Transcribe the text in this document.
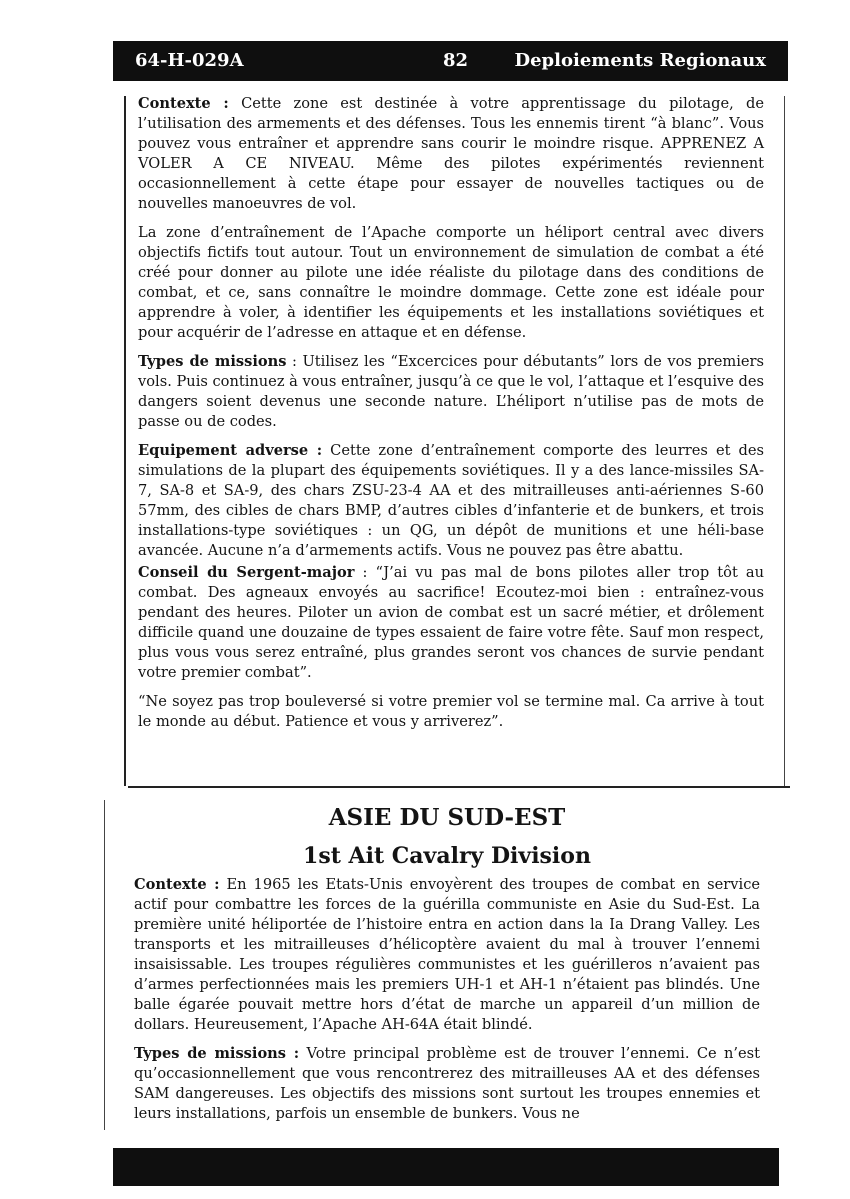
64-H-029A	82	Deploiements Regionaux

Contexte : Cette zone est destinée à votre apprentissage du pilotage, de l’utilisation des armements et des défenses. Tous les ennemis tirent “à blanc”. Vous pouvez vous entraîner et apprendre sans courir le moindre risque. APPRENEZ A VOLER A CE NIVEAU. Même des pilotes expérimentés reviennent occasionnellement à cette étape pour essayer de nouvelles tactiques ou de nouvelles manoeuvres de vol.

La zone d’entraînement de l’Apache comporte un héliport central avec divers objectifs fictifs tout autour. Tout un environnement de simulation de combat a été créé pour donner au pilote une idée réaliste du pilotage dans des conditions de combat, et ce, sans connaître le moindre dommage. Cette zone est idéale pour apprendre à voler, à identifier les équipements et les installations soviétiques et pour acquérir de l’adresse en attaque et en défense.

Types de missions : Utilisez les “Excercices pour débutants” lors de vos premiers vols. Puis continuez à vous entraîner, jusqu’à ce que le vol, l’attaque et l’esquive des dangers soient devenus une seconde nature. L’héliport n’utilise pas de mots de passe ou de codes.

Equipement adverse : Cette zone d’entraînement comporte des leurres et des simulations de la plupart des équipements soviétiques. Il y a des lance-missiles SA-7, SA-8 et SA-9, des chars ZSU-23-4 AA et des mitrailleuses anti-aériennes S-60 57mm, des cibles de chars BMP, d’autres cibles d’infanterie et de bunkers, et trois installations-type soviétiques : un QG, un dépôt de munitions et une héli-base avancée. Aucune n’a d’armements actifs. Vous ne pouvez pas être abattu.

Conseil du Sergent-major : “J’ai vu pas mal de bons pilotes aller trop tôt au combat. Des agneaux envoyés au sacrifice! Ecoutez-moi bien : entraînez-vous pendant des heures. Piloter un avion de combat est un sacré métier, et drôlement difficile quand une douzaine de types essaient de faire votre fête. Sauf mon respect, plus vous vous serez entraîné, plus grandes seront vos chances de survie pendant votre premier combat”.

“Ne soyez pas trop bouleversé si votre premier vol se termine mal. Ca arrive à tout le monde au début. Patience et vous y arriverez”.

ASIE DU SUD-EST
1st Ait Cavalry Division

Contexte : En 1965 les Etats-Unis envoyèrent des troupes de combat en service actif pour combattre les forces de la guérilla communiste en Asie du Sud-Est. La première unité héliportée de l’histoire entra en action dans la Ia Drang Valley. Les transports et les mitrailleuses d’hélicoptère avaient du mal à trouver l’ennemi insaisissable. Les troupes régulières communistes et les guérilleros n’avaient pas d’armes perfectionnées mais les premiers UH-1 et AH-1 n’étaient pas blindés. Une balle égarée pouvait mettre hors d’état de marche un appareil d’un million de dollars. Heureusement, l’Apache AH-64A était blindé.

Types de missions : Votre principal problème est de trouver l’ennemi. Ce n’est qu’occasionnellement que vous rencontrerez des mitrailleuses AA et des défenses SAM dangereuses. Les objectifs des missions sont surtout les troupes ennemies et leurs installations, parfois un ensemble de bunkers. Vous ne
